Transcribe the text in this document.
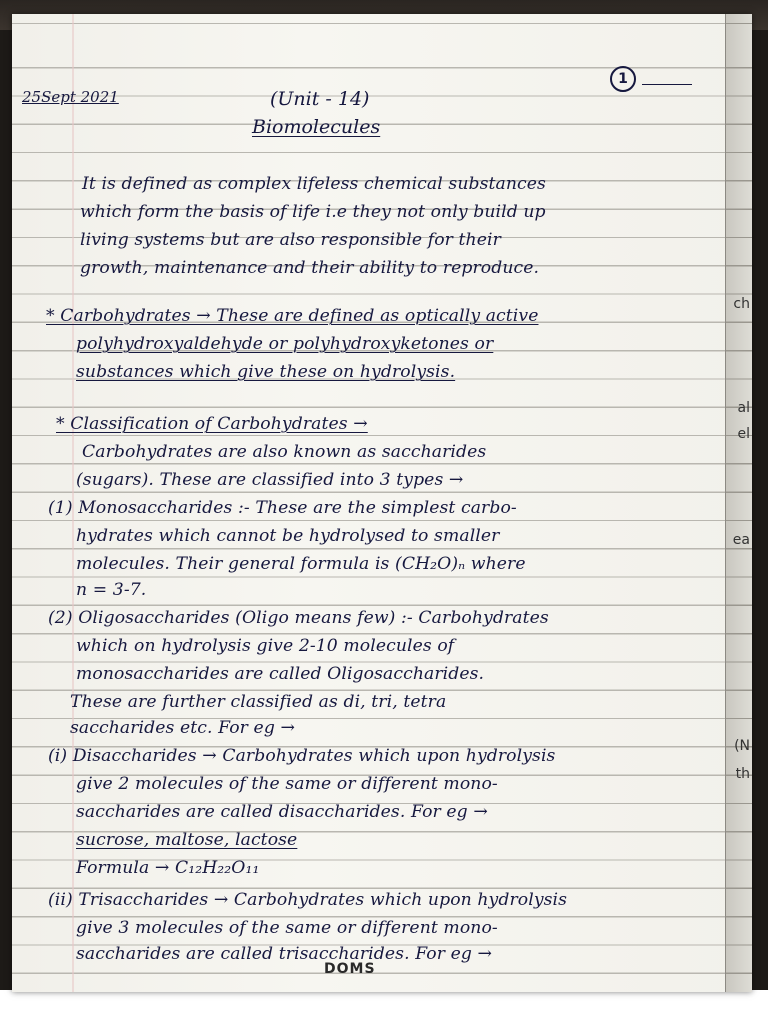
ch
al
el
ea
(N
th
1
25Sept 2021	(Unit - 14)
Biomolecules
It is defined as complex lifeless chemical substances
which form the basis of life i.e they not only build up
living systems but are also responsible for their
growth, maintenance and their ability to reproduce.
* Carbohydrates → These are defined as optically active
polyhydroxyaldehyde or polyhydroxyketones or
substances which give these on hydrolysis.
* Classification of Carbohydrates →
Carbohydrates are also known as saccharides
(sugars). These are classified into 3 types →
(1) Monosaccharides :- These are the simplest carbo-
hydrates which cannot be hydrolysed to smaller
molecules. Their general formula is (CH₂O)ₙ where
n = 3-7.
(2) Oligosaccharides (Oligo means few) :- Carbohydrates
which on hydrolysis give 2-10 molecules of
monosaccharides are called Oligosaccharides.
These are further classified as di, tri, tetra
saccharides etc. For eg →
(i) Disaccharides → Carbohydrates which upon hydrolysis
give 2 molecules of the same or different mono-
saccharides are called disaccharides. For eg →
sucrose, maltose, lactose
Formula → C₁₂H₂₂O₁₁
(ii) Trisaccharides → Carbohydrates which upon hydrolysis
give 3 molecules of the same or different mono-
saccharides are called trisaccharides. For eg →
DOMS
